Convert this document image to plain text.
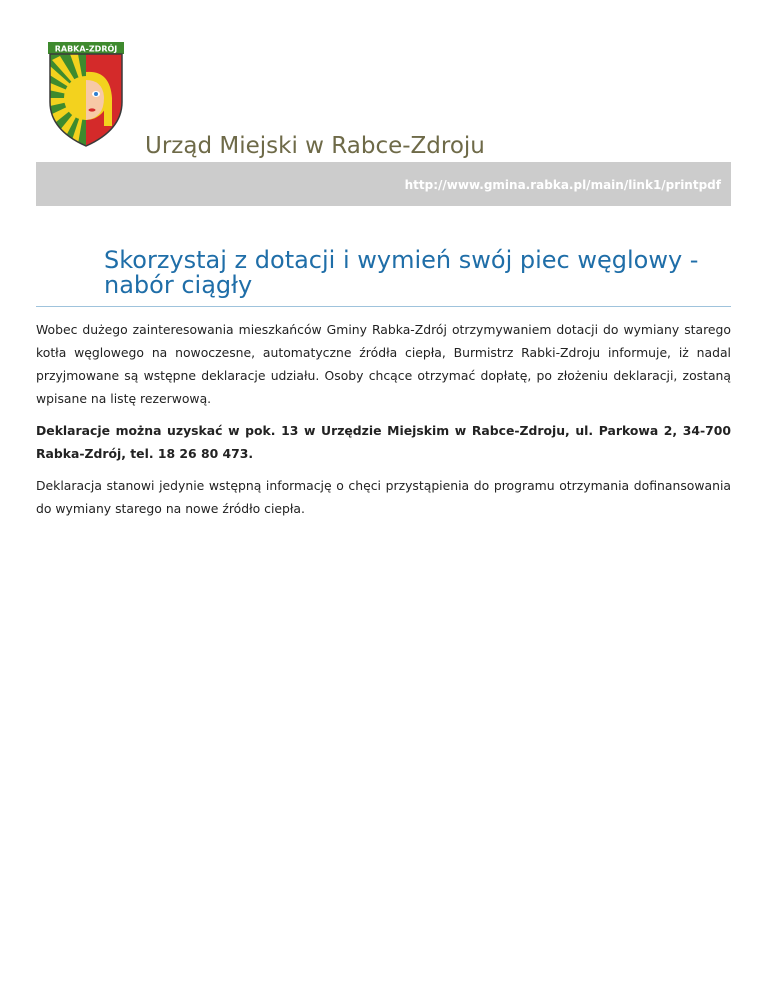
RABKA-ZDRÓJ
Urząd Miejski w Rabce-Zdroju
http://www.gmina.rabka.pl/main/link1/printpdf
Skorzystaj z dotacji i wymień swój piec węglowy - nabór ciągły

Wobec dużego zainteresowania mieszkańców Gminy Rabka-Zdrój otrzymywaniem dotacji do wymiany starego kotła węglowego na nowoczesne, automatyczne źródła ciepła, Burmistrz Rabki-Zdroju informuje, iż nadal przyjmowane są wstępne deklaracje udziału. Osoby chcące otrzymać dopłatę, po złożeniu deklaracji, zostaną wpisane na listę rezerwową.

Deklaracje można uzyskać w pok. 13 w Urzędzie Miejskim w Rabce-Zdroju, ul. Parkowa 2, 34-700 Rabka-Zdrój, tel. 18 26 80 473.

Deklaracja stanowi jedynie wstępną informację o chęci przystąpienia do programu otrzymania dofinansowania do wymiany starego na nowe źródło ciepła.
